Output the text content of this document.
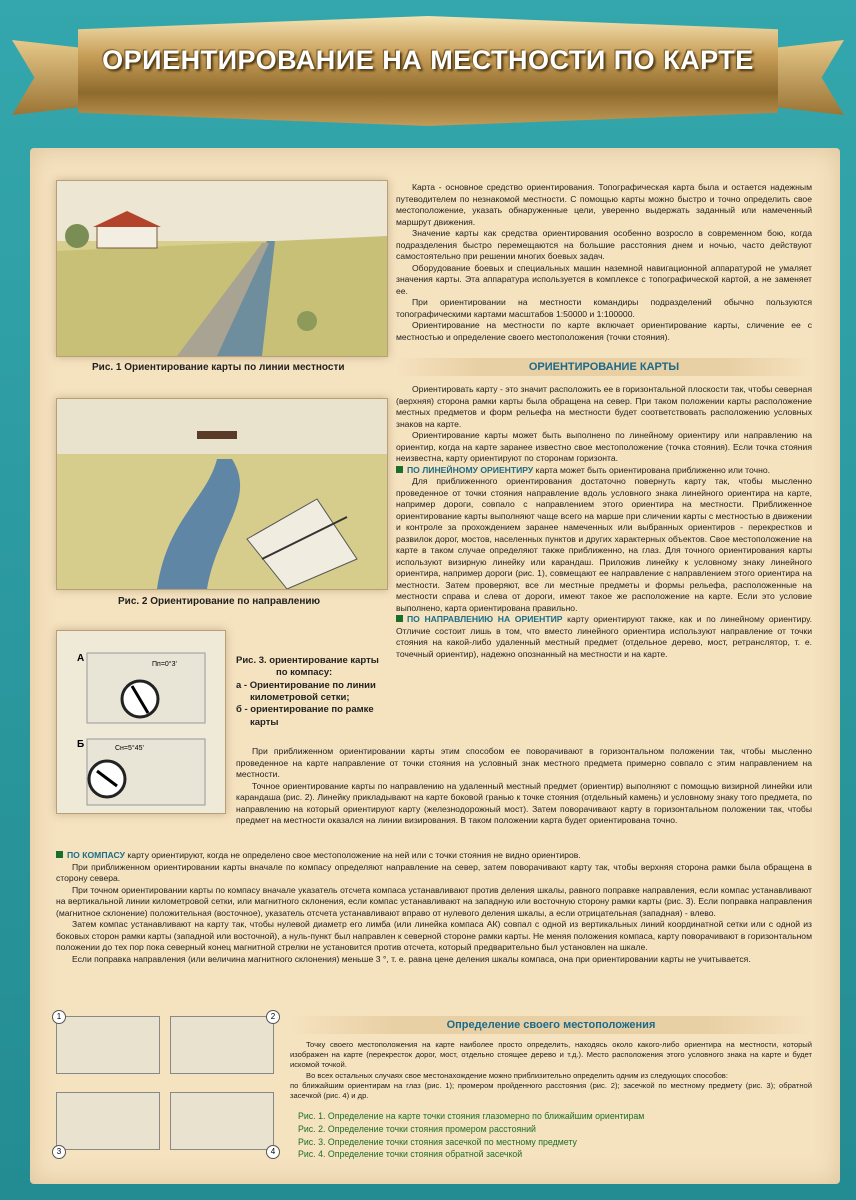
ОРИЕНТИРОВАНИЕ НА МЕСТНОСТИ ПО КАРТЕ
Рис. 1 Ориентирование карты по линии местности

Карта - основное средство ориентирования. Топографическая карта была и остается надежным путеводителем по незнакомой местности. С помощью карты можно быстро и точно определить свое местоположение, указать обнаруженные цели, уверенно выдержать заданный или намеченный маршрут движения.

Значение карты как средства ориентирования особенно возросло в современном бою, когда подразделения быстро перемещаются на большие расстояния днем и ночью, часто действуют самостоятельно при решении многих боевых задач.

Оборудование боевых и специальных машин наземной навигационной аппаратурой не умаляет значения карты. Эта аппаратура используется в комплексе с топографической картой, а не заменяет ее.

При ориентировании на местности командиры подразделений обычно пользуются топографическими картами масштабов 1:50000 и 1:100000.

Ориентирование на местности по карте включает ориентирование карты, сличение ее с местностью и определение своего местоположения (точки стояния).

ОРИЕНТИРОВАНИЕ КАРТЫ

Ориентировать карту - это значит расположить ее в горизонтальной плоскости так, чтобы северная (верхняя) сторона рамки карты была обращена на север. При таком положении карты расположение местных предметов и форм рельефа на местности будет соответствовать расположению условных знаков на карте.

Ориентирование карты может быть выполнено по линейному ориентиру или направлению на ориентир, когда на карте заранее известно свое местоположение (точка стояния). Если точка стояния неизвестна, карту ориентируют по сторонам горизонта.

ПО ЛИНЕЙНОМУ ОРИЕНТИРУ карта может быть ориентирована приближенно или точно.

Для приближенного ориентирования достаточно повернуть карту так, чтобы мысленно проведенное от точки стояния направление вдоль условного знака линейного ориентира на карте, например дороги, совпало с направлением этого ориентира на местности. Приближенное ориентирование карты выполняют чаще всего на марше при сличении карты с местностью в движении и контроле за прохождением заранее намеченных или выбранных ориентиров - перекрестков и развилок дорог, мостов, населенных пунктов и других характерных объектов. Свое местоположение на карте в таком случае определяют также приближенно, на глаз. Для точного ориентирования карты используют визирную линейку или карандаш. Приложив линейку к условному знаку линейного ориентира, например дороги (рис. 1), совмещают ее направление с направлением этого ориентира на местности. Затем проверяют, все ли местные предметы и формы рельефа, расположенные на местности справа и слева от дороги, имеют такое же расположение на карте. Если это условие выполнено, карта ориентирована правильно.

ПО НАПРАВЛЕНИЮ НА ОРИЕНТИР карту ориентируют также, как и по линейному ориентиру. Отличие состоит лишь в том, что вместо линейного ориентира используют направление от точки стояния на какой-либо удаленный местный предмет (отдельное дерево, мост, ретранслятор, т. е. точечный ориентир), надежно опознанный на местности и на карте.

Рис. 2 Ориентирование по направлению
А
Б
Пп=0°3'
Сн=5°45'
Рис. 3. ориентирование карты
по компасу:
а - Ориентирование по линии
километровой сетки;
б - ориентирование по рамке
карты

При приближенном ориентировании карты этим способом ее поворачивают в горизонтальном положении так, чтобы мысленно проведенное на карте направление от точки стояния на условный знак местного предмета примерно совпало с этим направлением на местности.

Точное ориентирование карты по направлению на удаленный местный предмет (ориентир) выполняют с помощью визирной линейки или карандаша (рис. 2). Линейку прикладывают на карте боковой гранью к точке стояния (отдельный камень) и условному знаку того предмета, по направлению на который ориентируют карту (железнодорожный мост). Затем поворачивают карту в горизонтальном положении так, чтобы предмет на местности оказался на линии визирования. В таком положении карта будет ориентирована точно.

ПО КОМПАСУ карту ориентируют, когда не определено свое местоположение на ней или с точки стояния не видно ориентиров.

При приближенном ориентировании карты вначале по компасу определяют направление на север, затем поворачивают карту так, чтобы верхняя сторона рамки была обращена в сторону севера.

При точном ориентировании карты по компасу вначале указатель отсчета компаса устанавливают против деления шкалы, равного поправке направления, если компас устанавливают на вертикальной линии километровой сетки, или магнитного склонения, если компас устанавливают на западную или восточную сторону рамки карты (рис. 3). Если поправка направления (магнитное склонение) положительная (восточное), указатель отсчета устанавливают вправо от нулевого деления шкалы, а если отрицательная (западная) - влево.

Затем компас устанавливают на карту так, чтобы нулевой диаметр его лимба (или линейка компаса АК) совпал с одной из вертикальных линий координатной сетки или с одной из боковых сторон рамки карты (западной или восточной), а нуль-пункт был направлен к северной стороне рамки карты. Не меняя положения компаса, карту поворачивают в горизонтальном положении до тех пор пока северный конец магнитной стрелки не установится против отсчета, который предварительно был установлен на шкале.

Если поправка направления (или величина магнитного склонения) меньше 3 °, т. е. равна цене деления шкалы компаса, она при ориентировании карты не учитывается.

1	2
3	4
Определение своего местоположения

Точку своего местоположения на карте наиболее просто определить, находясь около какого-либо ориентира на местности, который изображен на карте (перекресток дорог, мост, отдельно стоящее дерево и т.д.). Место расположения этого условного знака на карте и будет искомой точкой.

Во всех остальных случаях свое местонахождение можно приблизительно определить одним из следующих способов:

по ближайшим ориентирам на глаз (рис. 1); промером пройденного расстояния (рис. 2); засечкой по местному предмету (рис. 3); обратной засечкой (рис. 4) и др.

Рис. 1. Определение на карте точки стояния глазомерно по ближайшим ориентирам
Рис. 2. Определение точки стояния промером расстояний
Рис. 3. Определение точки стояния засечкой по местному предмету
Рис. 4. Определение точки стояния обратной засечкой
